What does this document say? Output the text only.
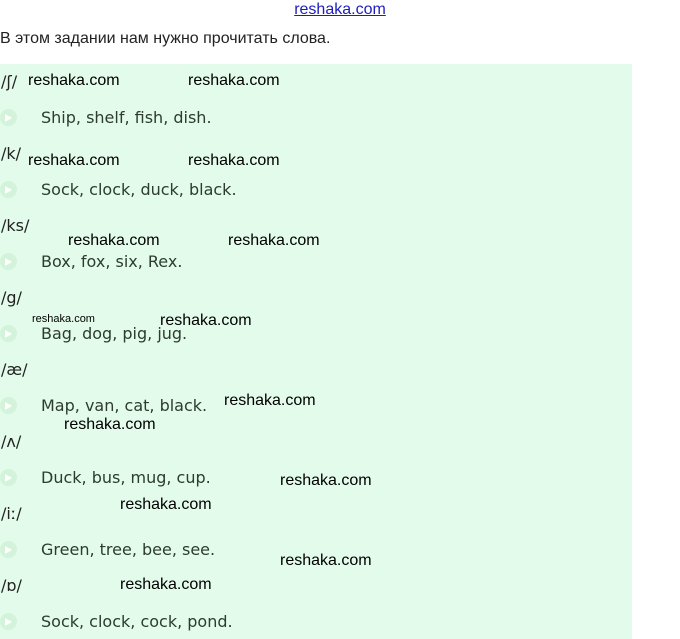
reshaka.com
В этом задании нам нужно прочитать слова.
/ʃ/
Ship, shelf, fish, dish.
/k/
Sock, clock, duck, black.
/ks/
Box, fox, six, Rex.
/g/
Bag, dog, pig, jug.
/æ/
Map, van, cat, black.
/ʌ/
Duck, bus, mug, cup.
/iː/
Green, tree, bee, see.
/ɒ/
Sock, clock, cock, pond.
reshaka.com	reshaka.com
reshaka.com	reshaka.com
reshaka.com	reshaka.com
reshaka.com	reshaka.com
reshaka.com
reshaka.com
reshaka.com
reshaka.com
reshaka.com
reshaka.com
